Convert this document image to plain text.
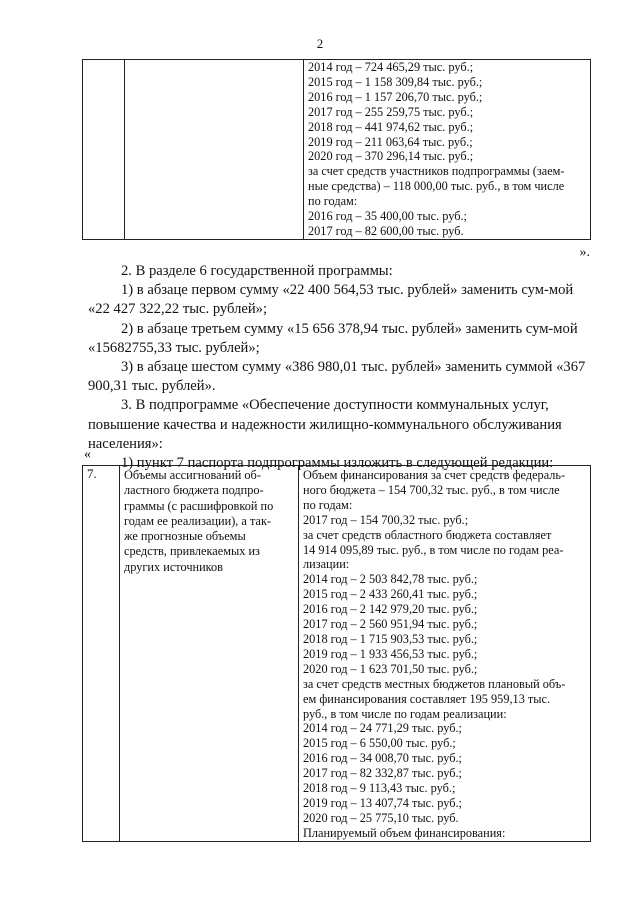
2

2014 год – 724 465,29 тыс. руб.;
2015 год – 1 158 309,84 тыс. руб.;
2016 год – 1 157 206,70 тыс. руб.;
2017 год – 255 259,75 тыс. руб.;
2018 год – 441 974,62 тыс. руб.;
2019 год – 211 063,64 тыс. руб.;
2020 год – 370 296,14 тыс. руб.;
за счет средств участников подпрограммы (заем-
ные средства) – 118 000,00 тыс. руб., в том числе
по годам:
2016 год – 35 400,00 тыс. руб.;
2017 год – 82 600,00 тыс. руб.
».

2. В разделе 6 государственной программы:

1) в абзаце первом сумму «22 400 564,53 тыс. рублей» заменить сум-мой «22 427 322,22 тыс. рублей»;

2) в абзаце третьем сумму «15 656 378,94 тыс. рублей» заменить сум-мой «15682755,33 тыс. рублей»;

3) в абзаце шестом сумму «386 980,01 тыс. рублей» заменить суммой «367 900,31 тыс. рублей».

3. В подпрограмме «Обеспечение доступности коммунальных услуг, повышение качества и надежности жилищно-коммунального обслуживания населения»:

1) пункт 7 паспорта подпрограммы изложить в следующей редакции:

«
7.	Объемы ассигнований об-
ластного бюджета подпро-
граммы (с расшифровкой по
годам ее реализации), а так-
же прогнозные объемы
средств, привлекаемых из
других источников

Объем финансирования за счет средств федераль-
ного бюджета – 154 700,32 тыс. руб., в том числе
по годам:
2017 год – 154 700,32 тыс. руб.;
за счет средств областного бюджета составляет
14 914 095,89 тыс. руб., в том числе по годам реа-
лизации:
2014 год – 2 503 842,78 тыс. руб.;
2015 год – 2 433 260,41 тыс. руб.;
2016 год – 2 142 979,20 тыс. руб.;
2017 год – 2 560 951,94 тыс. руб.;
2018 год – 1 715 903,53 тыс. руб.;
2019 год – 1 933 456,53 тыс. руб.;
2020 год – 1 623 701,50 тыс. руб.;
за счет средств местных бюджетов плановый объ-
ем финансирования составляет 195 959,13 тыс.
руб., в том числе по годам реализации:
2014 год – 24 771,29 тыс. руб.;
2015 год – 6 550,00 тыс. руб.;
2016 год – 34 008,70 тыс. руб.;
2017 год – 82 332,87 тыс. руб.;
2018 год – 9 113,43 тыс. руб.;
2019 год – 13 407,74 тыс. руб.;
2020 год – 25 775,10 тыс. руб.
Планируемый объем финансирования:
